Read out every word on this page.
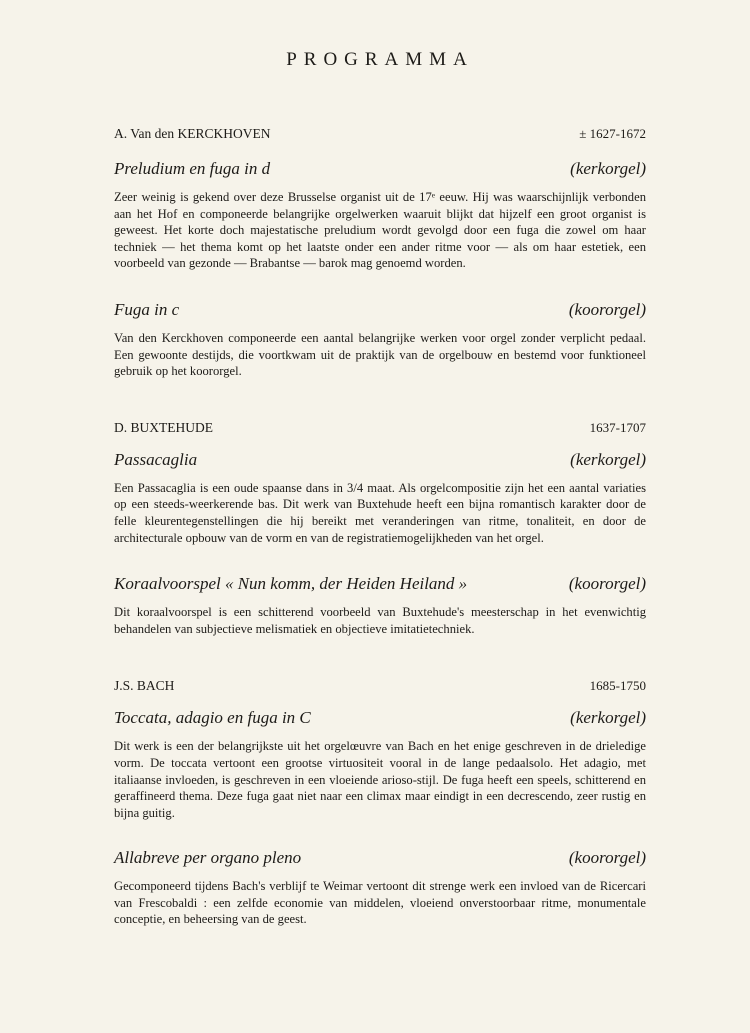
PROGRAMMA
A. Van den KERCKHOVEN	± 1627-1672
Preludium en fuga in d	(kerkorgel)

Zeer weinig is gekend over deze Brusselse organist uit de 17ᵉ eeuw. Hij was waarschijnlijk verbonden aan het Hof en componeerde belangrijke orgelwerken waaruit blijkt dat hijzelf een groot organist is geweest. Het korte doch majestatische preludium wordt gevolgd door een fuga die zowel om haar techniek — het thema komt op het laatste onder een ander ritme voor — als om haar estetiek, een voorbeeld van gezonde — Brabantse — barok mag genoemd worden.

Fuga in c	(koororgel)

Van den Kerckhoven componeerde een aantal belangrijke werken voor orgel zonder verplicht pedaal. Een gewoonte destijds, die voortkwam uit de praktijk van de orgelbouw en bestemd voor funktioneel gebruik op het koororgel.

D. BUXTEHUDE	1637-1707
Passacaglia	(kerkorgel)

Een Passacaglia is een oude spaanse dans in 3/4 maat. Als orgelcompositie zijn het een aantal variaties op een steeds-weerkerende bas. Dit werk van Buxtehude heeft een bijna romantisch karakter door de felle kleurentegenstellingen die hij bereikt met veranderingen van ritme, tonaliteit, en door de architecturale opbouw van de vorm en van de registratiemogelijkheden van het orgel.

Koraalvoorspel « Nun komm, der Heiden Heiland »	(koororgel)

Dit koraalvoorspel is een schitterend voorbeeld van Buxtehude's meesterschap in het evenwichtig behandelen van subjectieve melismatiek en objectieve imitatietechniek.

J.S. BACH	1685-1750
Toccata, adagio en fuga in C	(kerkorgel)

Dit werk is een der belangrijkste uit het orgelœuvre van Bach en het enige geschreven in de drieledige vorm. De toccata vertoont een grootse virtuositeit vooral in de lange pedaalsolo. Het adagio, met italiaanse invloeden, is geschreven in een vloeiende arioso-stijl. De fuga heeft een speels, schitterend en geraffineerd thema. Deze fuga gaat niet naar een climax maar eindigt in een decrescendo, zeer rustig en bijna guitig.

Allabreve per organo pleno	(koororgel)

Gecomponeerd tijdens Bach's verblijf te Weimar vertoont dit strenge werk een invloed van de Ricercari van Frescobaldi : een zelfde economie van middelen, vloeiend onverstoorbaar ritme, monumentale conceptie, en beheersing van de geest.
